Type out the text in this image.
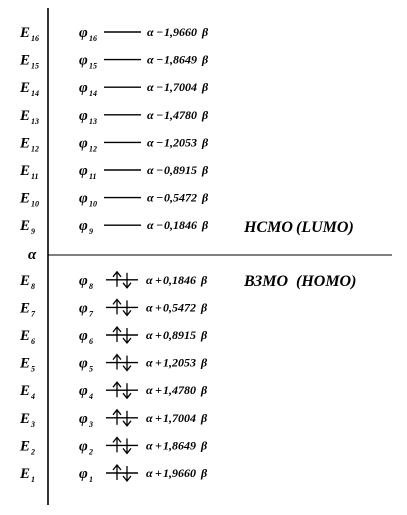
α
НСМО (LUMO)
ВЗМО (HOMO)
E 16	φ 16	α − 1,9660 β
E 15	φ 15	α − 1,8649 β
E 14	φ 14	α − 1,7004 β
E 13	φ 13	α − 1,4780 β
E 12	φ 12	α − 1,2053 β
E 11	φ 11	α − 0,8915 β
E 10	φ 10	α − 0,5472 β
E 9	φ 9	α − 0,1846 β
E 8	φ 8	α + 0,1846 β
E 7	φ 7	α + 0,5472 β
E 6	φ 6	α + 0,8915 β
E 5	φ 5	α + 1,2053 β
E 4	φ 4	α + 1,4780 β
E 3	φ 3	α + 1,7004 β
E 2	φ 2	α + 1,8649 β
E 1	φ 1	α + 1,9660 β
